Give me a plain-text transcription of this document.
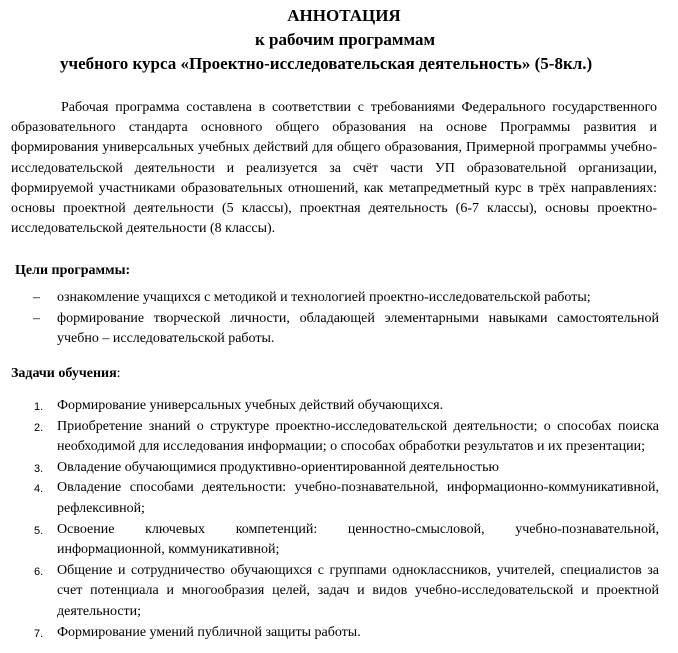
АННОТАЦИЯ
к рабочим программам
учебного курса «Проектно-исследовательская деятельность» (5-8кл.)

Рабочая программа составлена в соответствии с требованиями Федерального государственного образовательного стандарта основного общего образования на основе Программы развития и формирования универсальных учебных действий для общего образования, Примерной программы учебно-исследовательской деятельности и реализуется за счёт части УП образовательной организации, формируемой участниками образовательных отношений, как метапредметный курс в трёх направлениях: основы проектной деятельности (5 классы), проектная деятельность (6-7 классы), основы проектно-исследовательской деятельности (8 классы).

Цели программы:
– ознакомление учащихся с методикой и технологией проектно-исследовательской работы;
– формирование творческой личности, обладающей элементарными навыками самостоятельной учебно – исследовательской работы.
Задачи обучения:
1. Формирование универсальных учебных действий обучающихся.
2. Приобретение знаний о структуре проектно-исследовательской деятельности; о способах поиска необходимой для исследования информации; о способах обработки результатов и их презентации;
3. Овладение обучающимися продуктивно-ориентированной деятельностью
4. Овладение способами деятельности: учебно-познавательной, информационно-коммуникативной, рефлексивной;
5. Освоение ключевых компетенций: ценностно-смысловой, учебно-познавательной, информационной, коммуникативной;
6. Общение и сотрудничество обучающихся с группами одноклассников, учителей, специалистов за счет потенциала и многообразия целей, задач и видов учебно-исследовательской и проектной деятельности;
7. Формирование умений публичной защиты работы.
